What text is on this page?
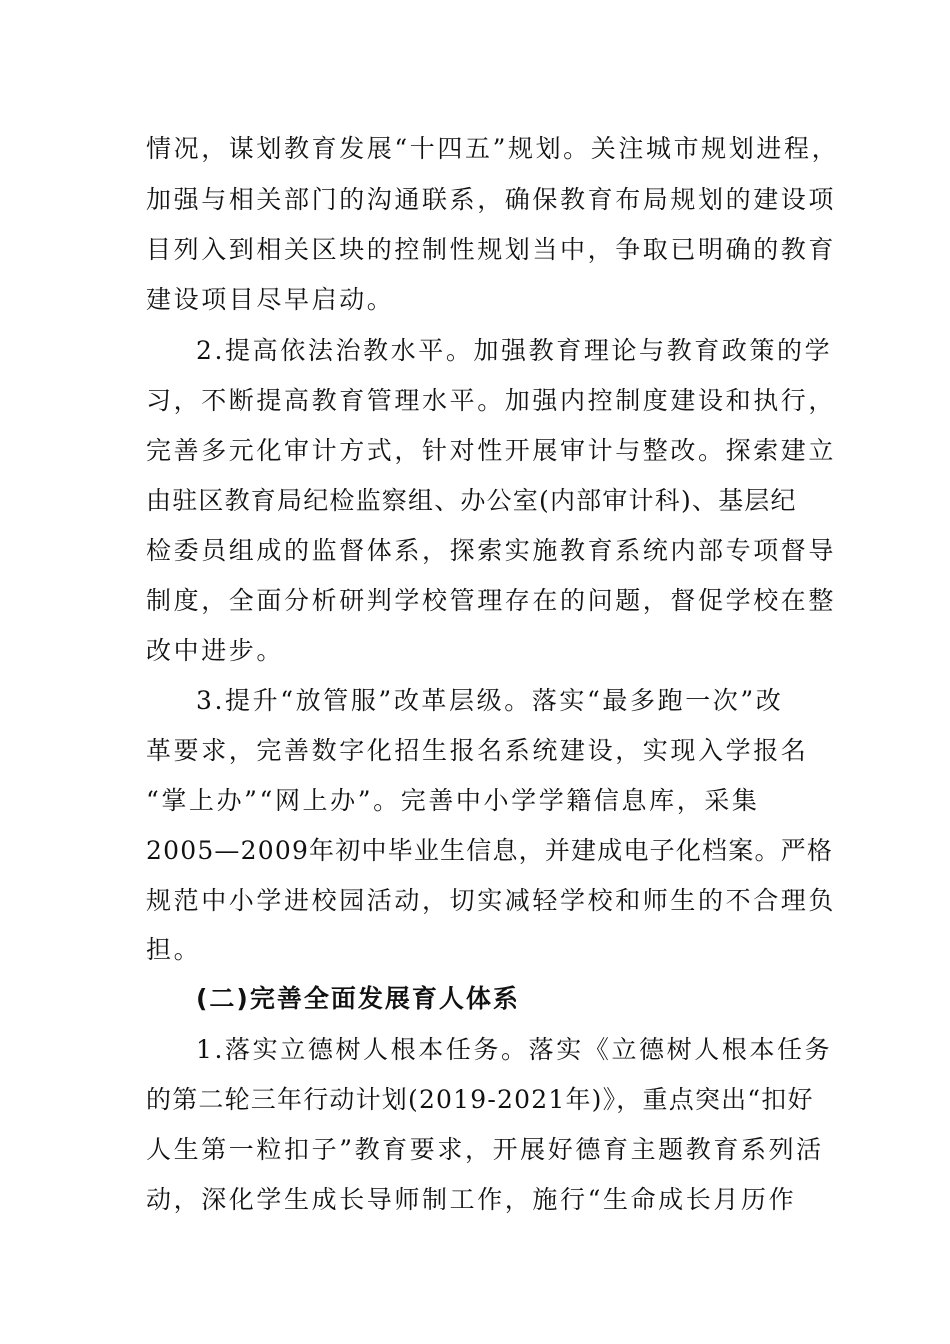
情况，谋划教育发展“十四五”规划。关注城市规划进程，
加强与相关部门的沟通联系，确保教育布局规划的建设项
目列入到相关区块的控制性规划当中，争取已明确的教育
建设项目尽早启动。
2.提高依法治教水平。加强教育理论与教育政策的学
习，不断提高教育管理水平。加强内控制度建设和执行，
完善多元化审计方式，针对性开展审计与整改。探索建立
由驻区教育局纪检监察组、办公室(内部审计科)、基层纪
检委员组成的监督体系，探索实施教育系统内部专项督导
制度，全面分析研判学校管理存在的问题，督促学校在整
改中进步。
3.提升“放管服”改革层级。落实“最多跑一次”改
革要求，完善数字化招生报名系统建设，实现入学报名
“掌上办”“网上办”。完善中小学学籍信息库，采集
2005—2009年初中毕业生信息，并建成电子化档案。严格
规范中小学进校园活动，切实减轻学校和师生的不合理负
担。
(二)完善全面发展育人体系
1.落实立德树人根本任务。落实《立德树人根本任务
的第二轮三年行动计划(2019-2021年)》，重点突出“扣好
人生第一粒扣子”教育要求，开展好德育主题教育系列活
动，深化学生成长导师制工作，施行“生命成长月历作
